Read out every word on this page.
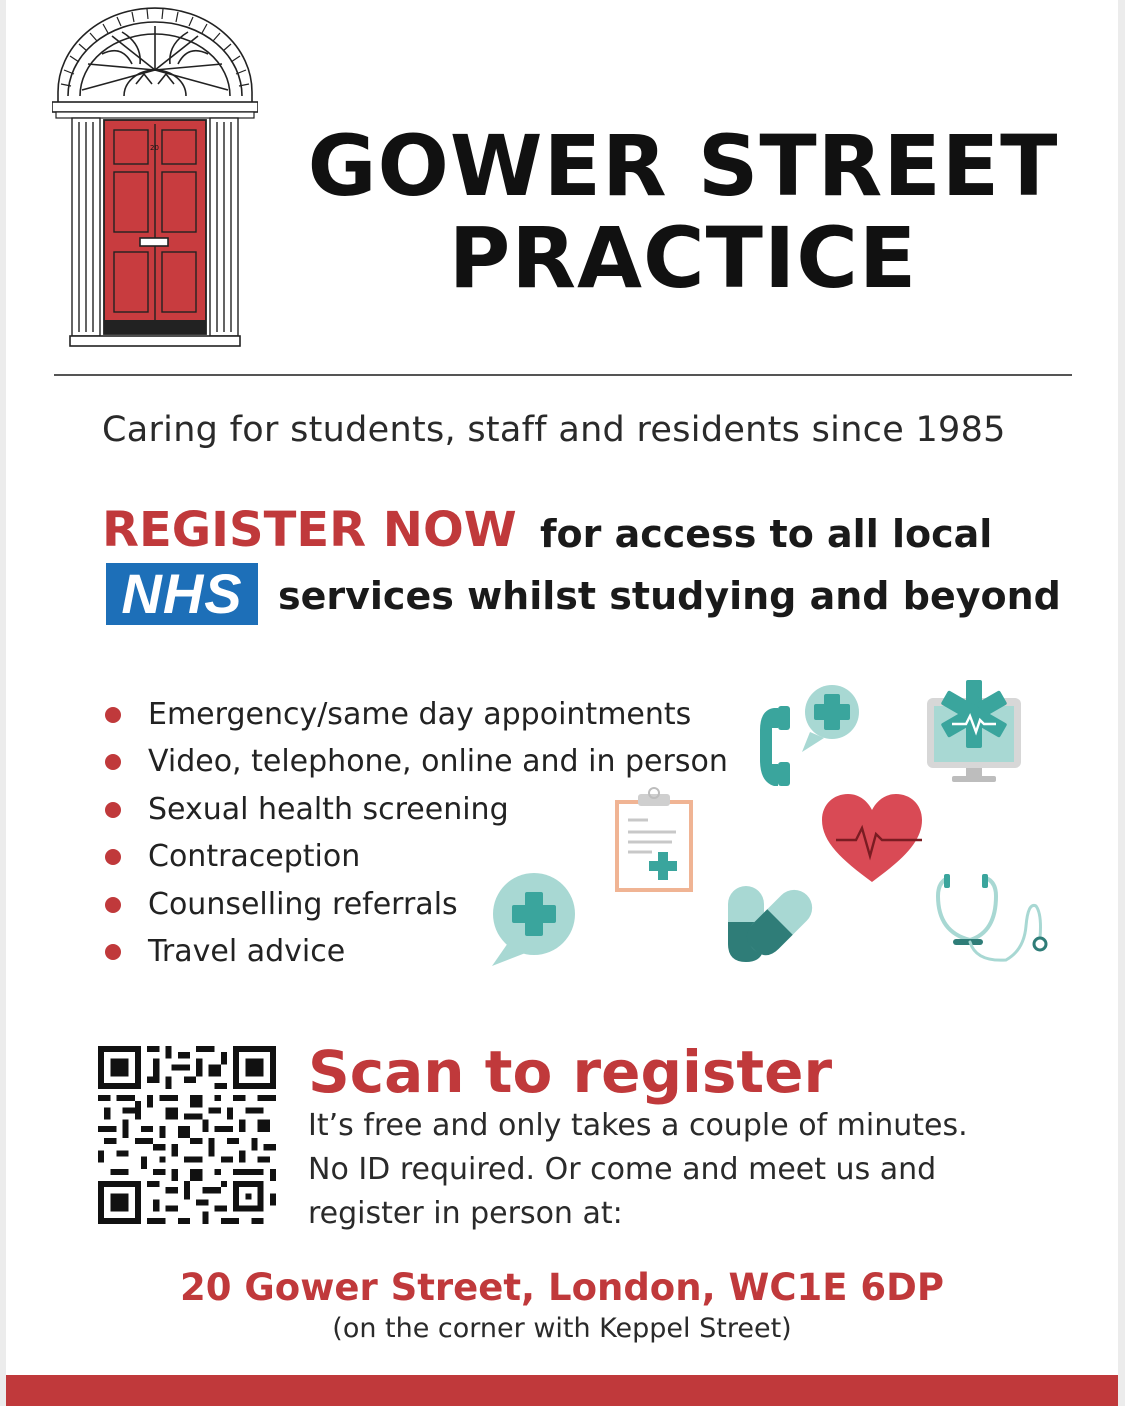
20	GOWER STREET
PRACTICE
Caring for students, staff and residents since 1985
REGISTER NOW for access to all local
NHS services whilst studying and beyond
Emergency/same day appointments
Video, telephone, online and in person
Sexual health screening
Contraception
Counselling referrals
Travel advice
Scan to register
It’s free and only takes a couple of minutes.
No ID required. Or come and meet us and
register in person at:
20 Gower Street, London, WC1E 6DP
(on the corner with Keppel Street)
